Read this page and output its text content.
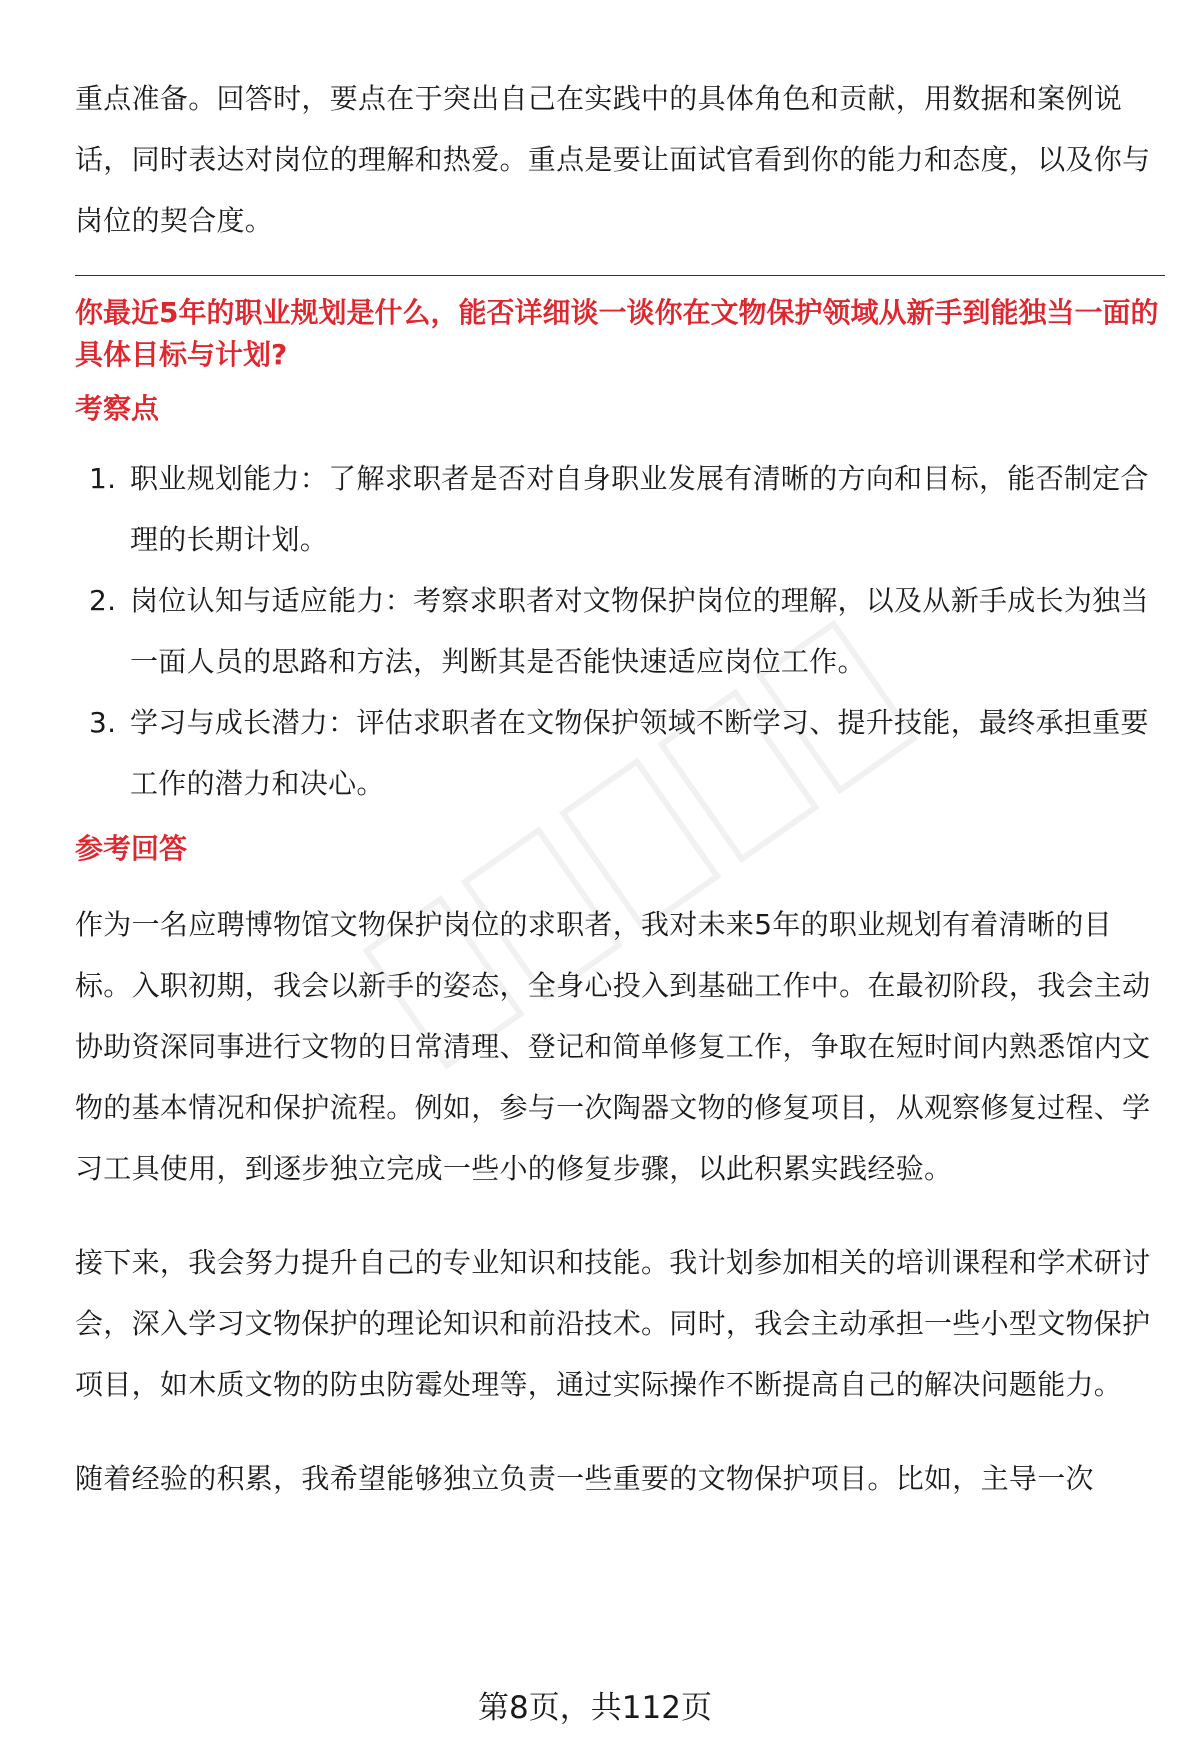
重点准备。回答时，要点在于突出自己在实践中的具体角色和贡献，用数据和案例说话，同时表达对岗位的理解和热爱。重点是要让面试官看到你的能力和态度，以及你与岗位的契合度。

你最近5年的职业规划是什么，能否详细谈一谈你在文物保护领域从新手到能独当一面的具体目标与计划?

考察点
1. 职业规划能力：了解求职者是否对自身职业发展有清晰的方向和目标，能否制定合理的长期计划。
2. 岗位认知与适应能力：考察求职者对文物保护岗位的理解，以及从新手成长为独当一面人员的思路和方法，判断其是否能快速适应岗位工作。
3. 学习与成长潜力：评估求职者在文物保护领域不断学习、提升技能，最终承担重要工作的潜力和决心。
参考回答

作为一名应聘博物馆文物保护岗位的求职者，我对未来5年的职业规划有着清晰的目标。入职初期，我会以新手的姿态，全身心投入到基础工作中。在最初阶段，我会主动协助资深同事进行文物的日常清理、登记和简单修复工作，争取在短时间内熟悉馆内文物的基本情况和保护流程。例如，参与一次陶器文物的修复项目，从观察修复过程、学习工具使用，到逐步独立完成一些小的修复步骤，以此积累实践经验。

接下来，我会努力提升自己的专业知识和技能。我计划参加相关的培训课程和学术研讨会，深入学习文物保护的理论知识和前沿技术。同时，我会主动承担一些小型文物保护项目，如木质文物的防虫防霉处理等，通过实际操作不断提高自己的解决问题能力。

随着经验的积累，我希望能够独立负责一些重要的文物保护项目。比如，主导一次

第8页，共112页
